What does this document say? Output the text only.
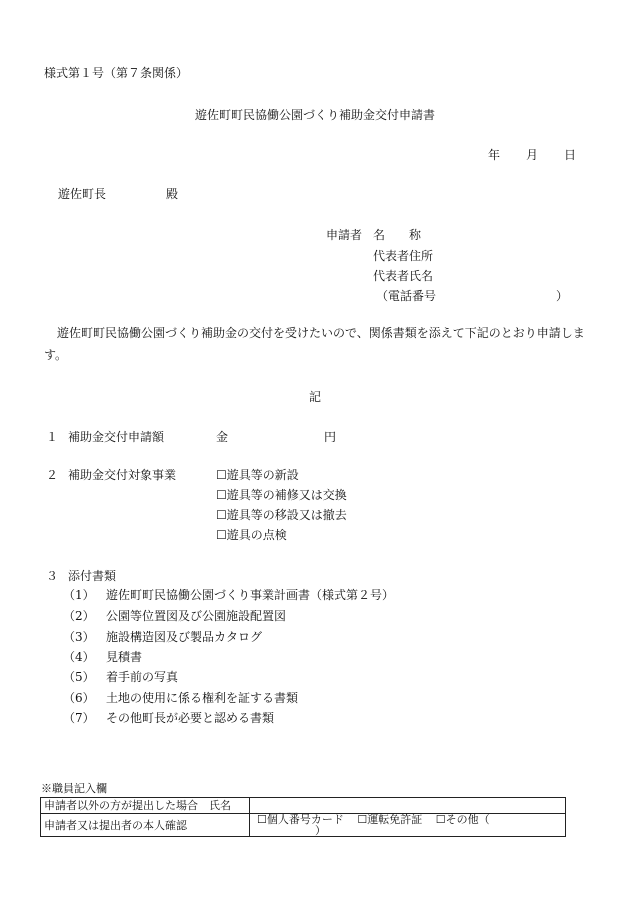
様式第１号（第７条関係）
遊佐町町民協働公園づくり補助金交付申請書
年 月 日
遊佐町長	殿
申請者 名　　称
代表者住所
代表者氏名
（電話番号	）
遊佐町町民協働公園づくり補助金の交付を受けたいので、関係書類を添えて下記のとおり申請します。
記
１ 補助金交付申請額	金	円
２ 補助金交付対象事業	☐遊具等の新設
☐遊具等の補修又は交換
☐遊具等の移設又は撤去
☐遊具の点検
３ 添付書類
（1） 遊佐町町民協働公園づくり事業計画書（様式第２号）
（2） 公園等位置図及び公園施設配置図
（3） 施設構造図及び製品カタログ
（4） 見積書
（5） 着手前の写真
（6） 土地の使用に係る権利を証する書類
（7） その他町長が必要と認める書類
※職員記入欄
申請者以外の方が提出した場合　氏名	
申請者又は提出者の本人確認	☐個人番号カード ☐運転免許証 ☐その他（ ）
